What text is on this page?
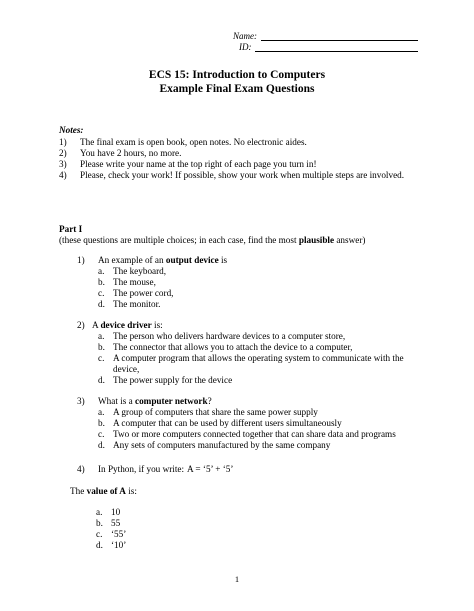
Name:
ID:
ECS 15: Introduction to Computers
Example Final Exam Questions
Notes:
1) The final exam is open book, open notes. No electronic aides.
2) You have 2 hours, no more.
3) Please write your name at the top right of each page you turn in!
4) Please, check your work! If possible, show your work when multiple steps are involved.
Part I
(these questions are multiple choices; in each case, find the most plausible answer)
1) An example of an output device is
a. The keyboard,
b. The mouse,
c. The power cord,
d. The monitor.
2) A device driver is:
a. The person who delivers hardware devices to a computer store,
b. The connector that allows you to attach the device to a computer,
c. A computer program that allows the operating system to communicate with the
device,
d. The power supply for the device
3) What is a computer network?
a. A group of computers that share the same power supply
b. A computer that can be used by different users simultaneously
c. Two or more computers connected together that can share data and programs
d. Any sets of computers manufactured by the same company
4) In Python, if you write: A = ‘5’ + ‘5’
The value of A is:
a. 10
b. 55
c. ‘55’
d. ‘10’
1
